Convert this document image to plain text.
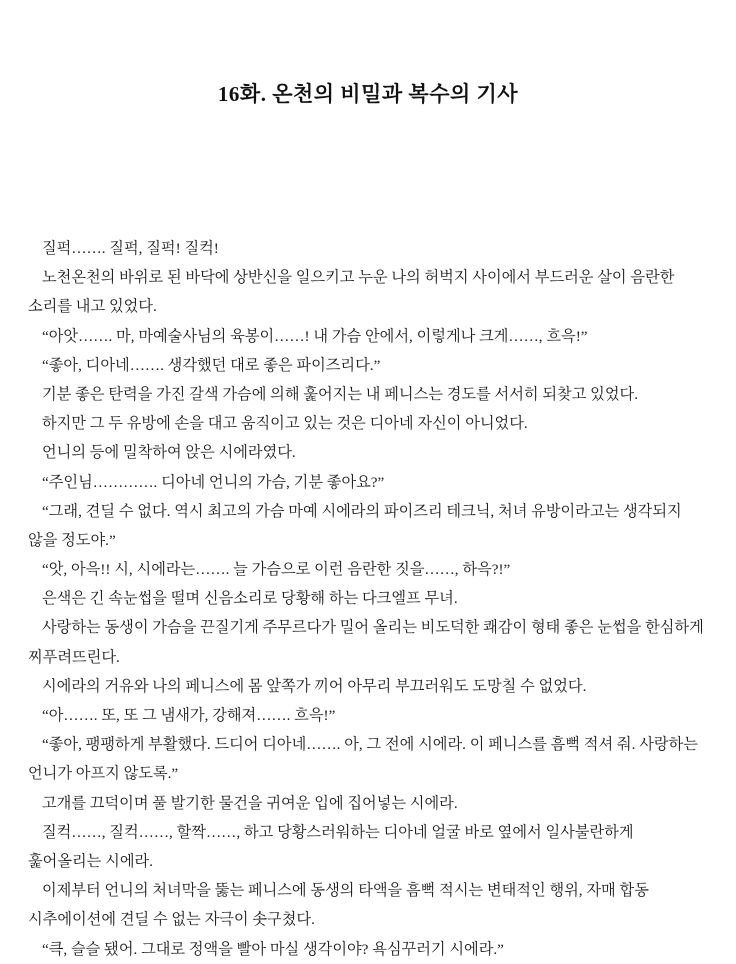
16화. 온천의 비밀과 복수의 기사

질퍽……. 질퍽, 질퍽! 질컥!

노천온천의 바위로 된 바닥에 상반신을 일으키고 누운 나의 허벅지 사이에서 부드러운 살이 음란한 소리를 내고 있었다.

“아앗……. 마, 마예술사님의 육봉이……! 내 가슴 안에서, 이렇게나 크게……, 흐윽!”

“좋아, 디아네……. 생각했던 대로 좋은 파이즈리다.”

기분 좋은 탄력을 가진 갈색 가슴에 의해 훑어지는 내 페니스는 경도를 서서히 되찾고 있었다.

하지만 그 두 유방에 손을 대고 움직이고 있는 것은 디아네 자신이 아니었다.

언니의 등에 밀착하여 앉은 시에라였다.

“주인님…………. 디아네 언니의 가슴, 기분 좋아요?”

“그래, 견딜 수 없다. 역시 최고의 가슴 마예 시에라의 파이즈리 테크닉, 처녀 유방이라고는 생각되지 않을 정도야.”

“앗, 아윽!! 시, 시에라는……. 늘 가슴으로 이런 음란한 짓을……, 하윽?!”

은색은 긴 속눈썹을 떨며 신음소리로 당황해 하는 다크엘프 무녀.

사랑하는 동생이 가슴을 끈질기게 주무르다가 밀어 올리는 비도덕한 쾌감이 형태 좋은 눈썹을 한심하게 찌푸려뜨린다.

시에라의 거유와 나의 페니스에 몸 앞쪽가 끼어 아무리 부끄러워도 도망칠 수 없었다.

“아……. 또, 또 그 냄새가, 강해져……. 흐윽!”

“좋아, 팽팽하게 부활했다. 드디어 디아네……. 아, 그 전에 시에라. 이 페니스를 흠뻑 적셔 줘. 사랑하는 언니가 아프지 않도록.”

고개를 끄덕이며 풀 발기한 물건을 귀여운 입에 집어넣는 시에라.

질컥……, 질컥……, 할짝……, 하고 당황스러워하는 디아네 얼굴 바로 옆에서 일사불란하게 훑어올리는 시에라.

이제부터 언니의 처녀막을 뚫는 페니스에 동생의 타액을 흠뻑 적시는 변태적인 행위, 자매 합동 시추에이션에 견딜 수 없는 자극이 솟구쳤다.

“큭, 슬슬 됐어. 그대로 정액을 빨아 마실 생각이야? 욕심꾸러기 시에라.”
